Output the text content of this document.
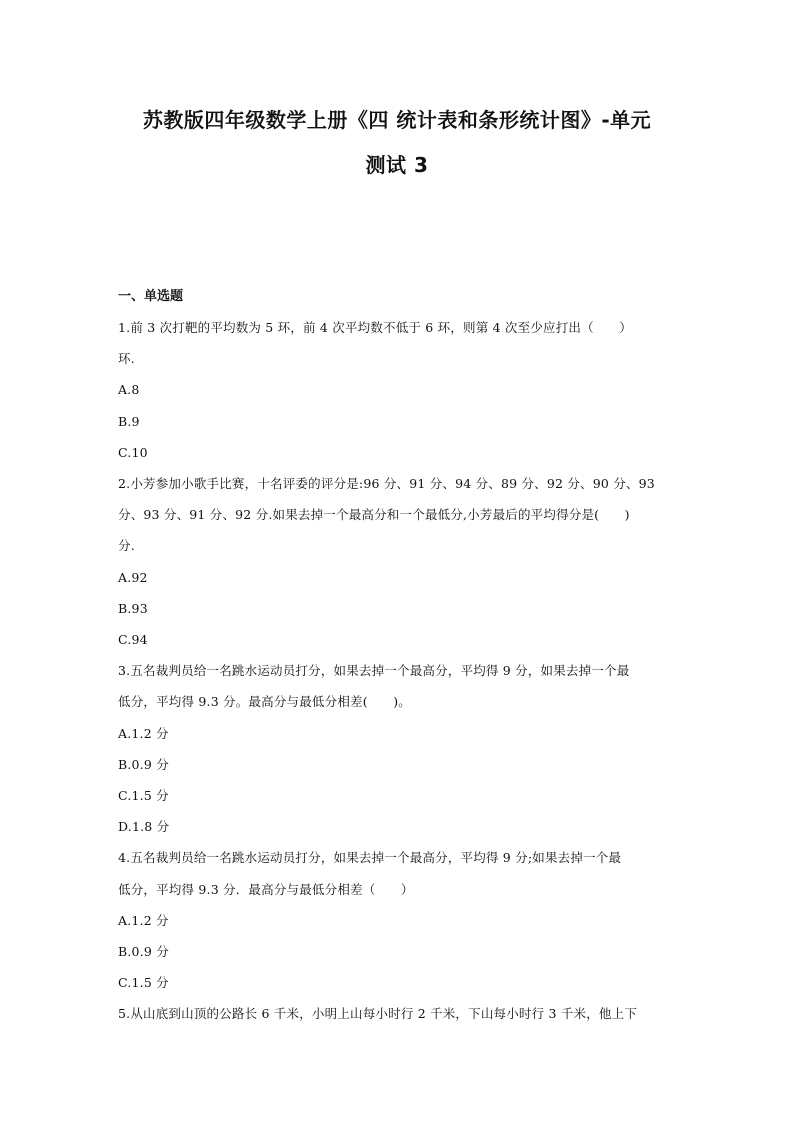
苏教版四年级数学上册《四 统计表和条形统计图》-单元
测试 3

一、单选题

1.前 3 次打靶的平均数为 5 环，前 4 次平均数不低于 6 环，则第 4 次至少应打出（　　）

环.

A.8

B.9

C.10

2.小芳参加小歌手比赛，十名评委的评分是:96 分、91 分、94 分、89 分、92 分、90 分、93

分、93 分、91 分、92 分.如果去掉一个最高分和一个最低分,小芳最后的平均得分是(　　)

分.

A.92

B.93

C.94

3.五名裁判员给一名跳水运动员打分，如果去掉一个最高分，平均得 9 分，如果去掉一个最

低分，平均得 9.3 分。最高分与最低分相差(　　)。

A.1.2 分

B.0.9 分

C.1.5 分

D.1.8 分

4.五名裁判员给一名跳水运动员打分，如果去掉一个最高分，平均得 9 分;如果去掉一个最

低分，平均得 9.3 分．最高分与最低分相差（　　）

A.1.2 分

B.0.9 分

C.1.5 分

5.从山底到山顶的公路长 6 千米，小明上山每小时行 2 千米，下山每小时行 3 千米，他上下
